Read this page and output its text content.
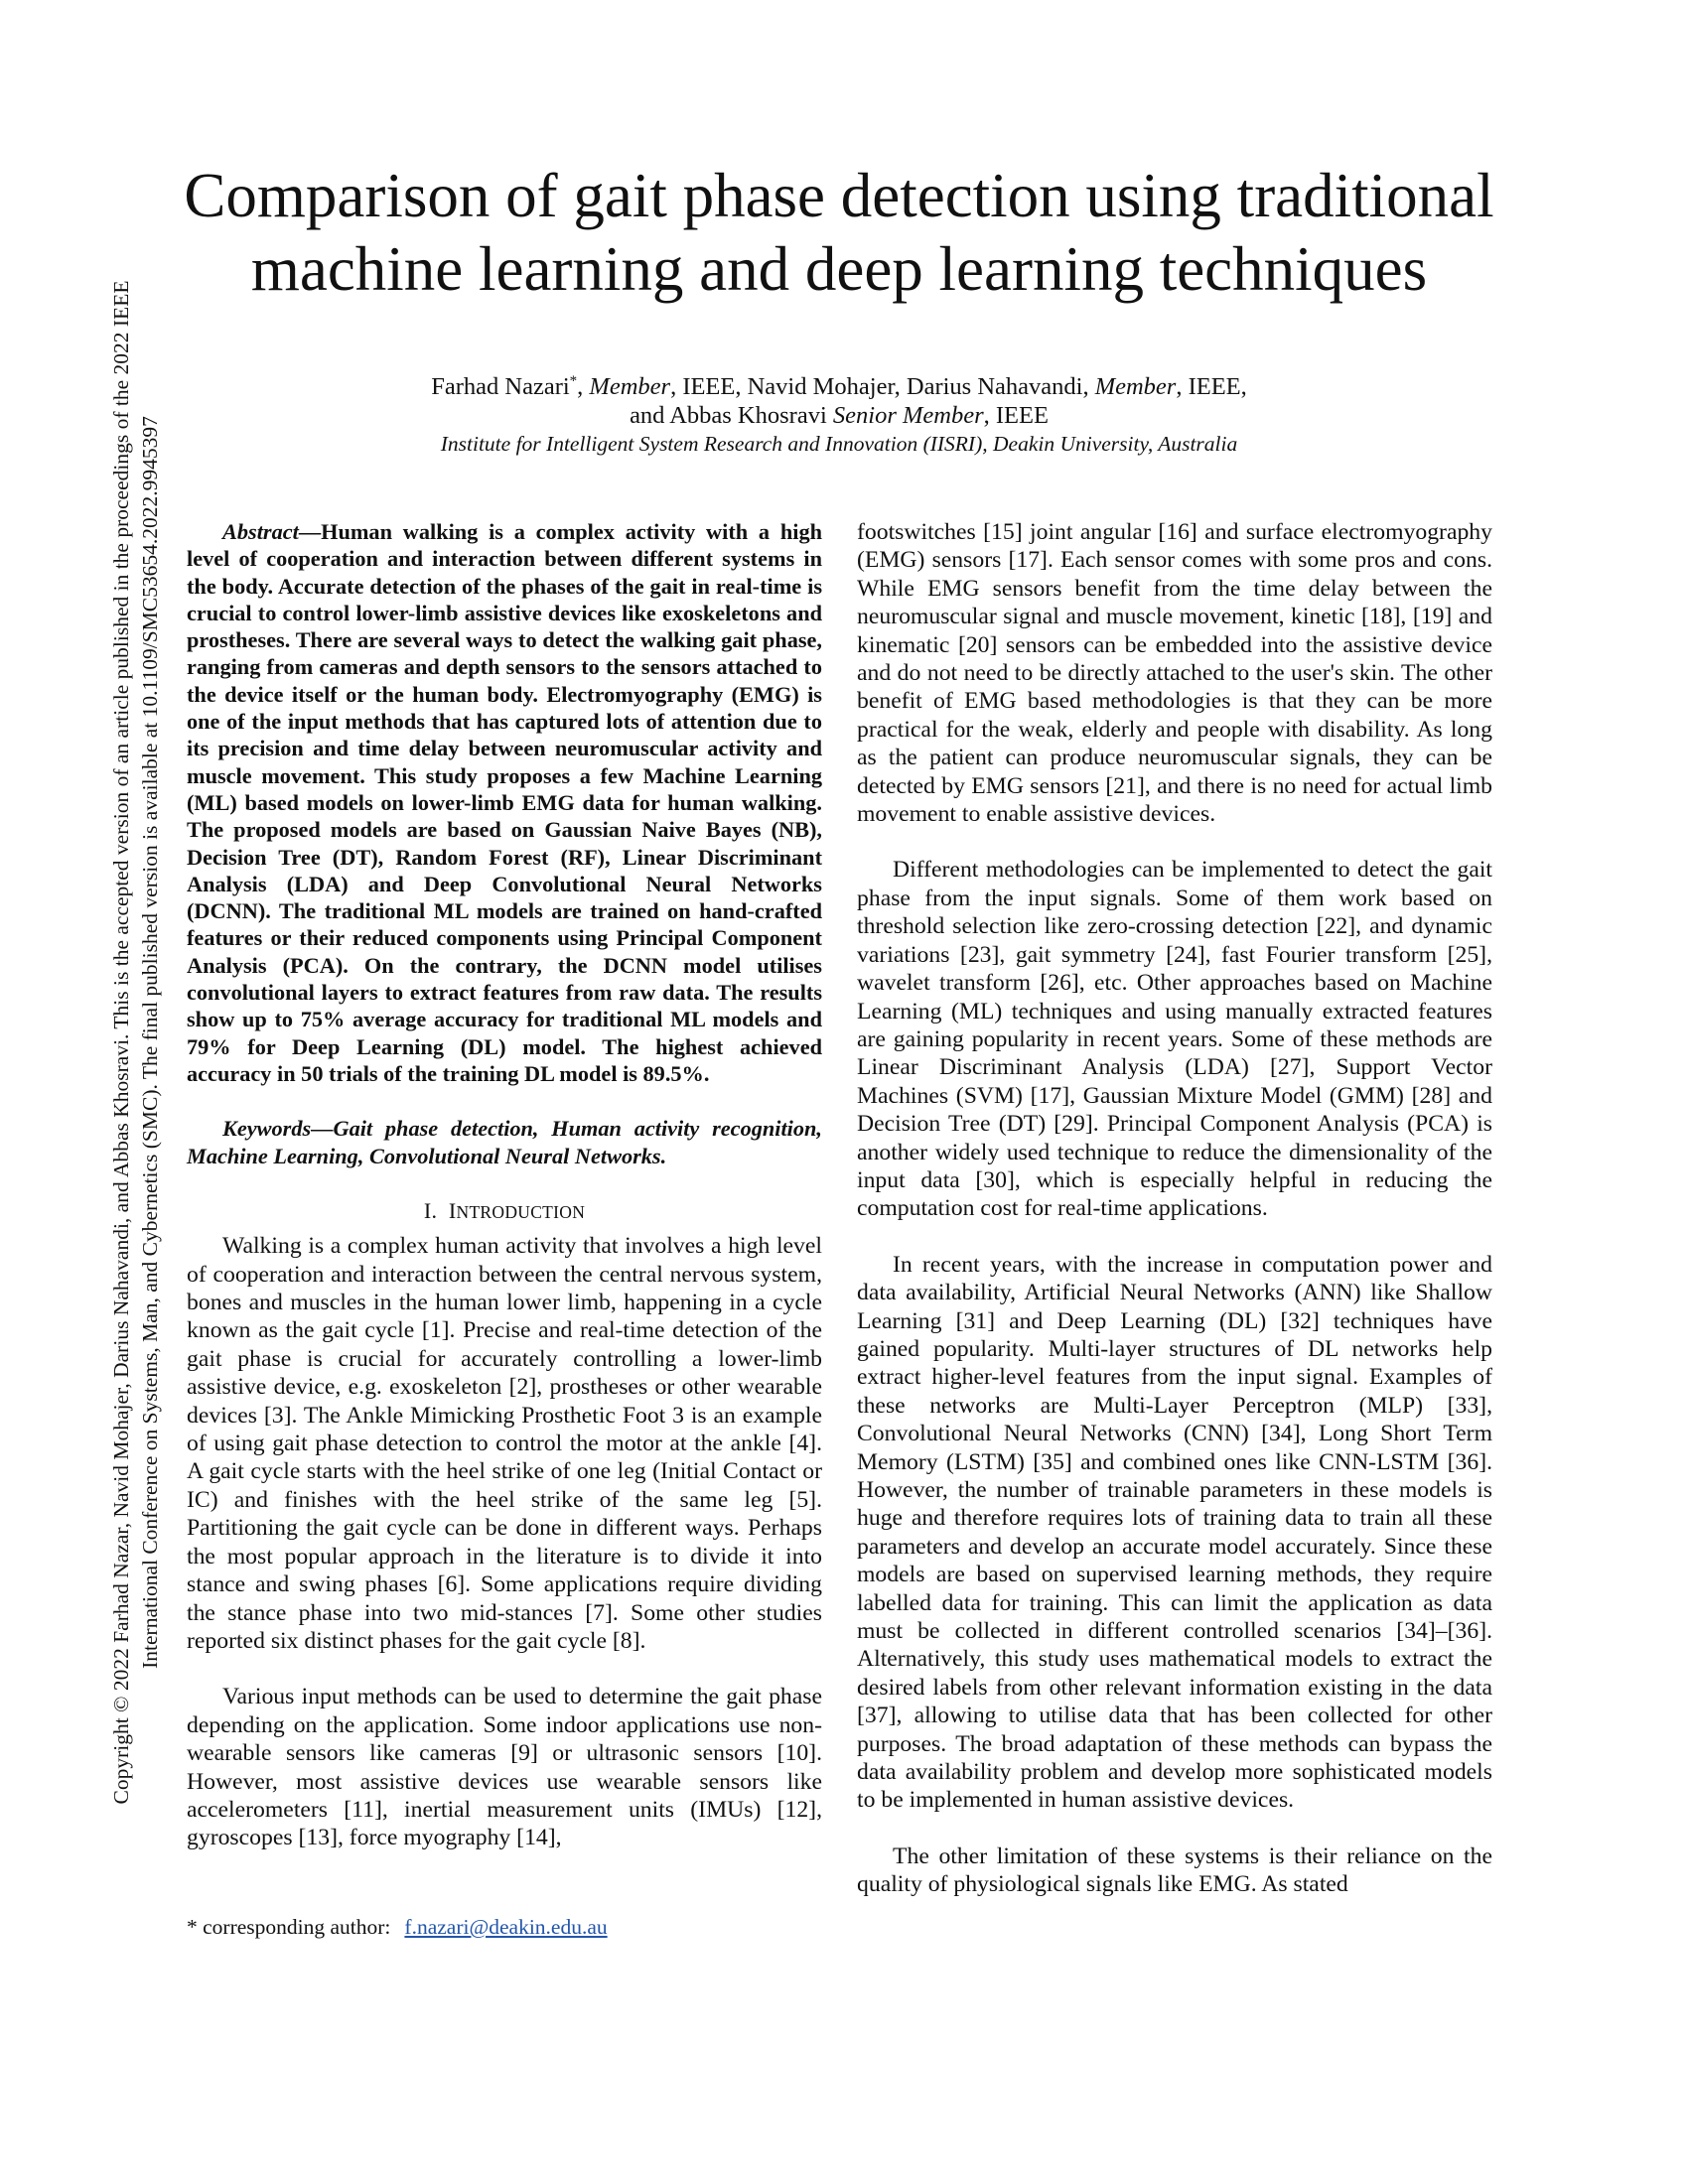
Copyright © 2022 Farhad Nazar, Navid Mohajer, Darius Nahavandi, and Abbas Khosravi. This is the accepted version of an article published in the proceedings of the 2022 IEEE International Conference on Systems, Man, and Cybernetics (SMC). The final published version is available at 10.1109/SMC53654.2022.9945397
Comparison of gait phase detection using traditional
machine learning and deep learning techniques
Farhad Nazari*, Member, IEEE, Navid Mohajer, Darius Nahavandi, Member, IEEE,
and Abbas Khosravi Senior Member, IEEE
Institute for Intelligent System Research and Innovation (IISRI), Deakin University, Australia

Abstract—Human walking is a complex activity with a high level of cooperation and interaction between different systems in the body. Accurate detection of the phases of the gait in real-time is crucial to control lower-limb assistive devices like exoskeletons and prostheses. There are several ways to detect the walking gait phase, ranging from cameras and depth sensors to the sensors attached to the device itself or the human body. Electromyography (EMG) is one of the input methods that has captured lots of attention due to its precision and time delay between neuromuscular activity and muscle movement. This study proposes a few Machine Learning (ML) based models on lower-limb EMG data for human walking. The proposed models are based on Gaussian Naive Bayes (NB), Decision Tree (DT), Random Forest (RF), Linear Discriminant Analysis (LDA) and Deep Convolutional Neural Networks (DCNN). The traditional ML models are trained on hand-crafted features or their reduced components using Principal Component Analysis (PCA). On the contrary, the DCNN model utilises convolutional layers to extract features from raw data. The results show up to 75% average accuracy for traditional ML models and 79% for Deep Learning (DL) model. The highest achieved accuracy in 50 trials of the training DL model is 89.5%.

Keywords—Gait phase detection, Human activity recognition, Machine Learning, Convolutional Neural Networks.

I. INTRODUCTION

Walking is a complex human activity that involves a high level of cooperation and interaction between the central nervous system, bones and muscles in the human lower limb, happening in a cycle known as the gait cycle [1]. Precise and real-time detection of the gait phase is crucial for accurately controlling a lower-limb assistive device, e.g. exoskeleton [2], prostheses or other wearable devices [3]. The Ankle Mimicking Prosthetic Foot 3 is an example of using gait phase detection to control the motor at the ankle [4]. A gait cycle starts with the heel strike of one leg (Initial Contact or IC) and finishes with the heel strike of the same leg [5]. Partitioning the gait cycle can be done in different ways. Perhaps the most popular approach in the literature is to divide it into stance and swing phases [6]. Some applications require dividing the stance phase into two mid-stances [7]. Some other studies reported six distinct phases for the gait cycle [8].

Various input methods can be used to determine the gait phase depending on the application. Some indoor applications use non-wearable sensors like cameras [9] or ultrasonic sensors [10]. However, most assistive devices use wearable sensors like accelerometers [11], inertial measurement units (IMUs) [12], gyroscopes [13], force myography [14],

footswitches [15] joint angular [16] and surface electromyography (EMG) sensors [17]. Each sensor comes with some pros and cons. While EMG sensors benefit from the time delay between the neuromuscular signal and muscle movement, kinetic [18], [19] and kinematic [20] sensors can be embedded into the assistive device and do not need to be directly attached to the user's skin. The other benefit of EMG based methodologies is that they can be more practical for the weak, elderly and people with disability. As long as the patient can produce neuromuscular signals, they can be detected by EMG sensors [21], and there is no need for actual limb movement to enable assistive devices.

Different methodologies can be implemented to detect the gait phase from the input signals. Some of them work based on threshold selection like zero-crossing detection [22], and dynamic variations [23], gait symmetry [24], fast Fourier transform [25], wavelet transform [26], etc. Other approaches based on Machine Learning (ML) techniques and using manually extracted features are gaining popularity in recent years. Some of these methods are Linear Discriminant Analysis (LDA) [27], Support Vector Machines (SVM) [17], Gaussian Mixture Model (GMM) [28] and Decision Tree (DT) [29]. Principal Component Analysis (PCA) is another widely used technique to reduce the dimensionality of the input data [30], which is especially helpful in reducing the computation cost for real-time applications.

In recent years, with the increase in computation power and data availability, Artificial Neural Networks (ANN) like Shallow Learning [31] and Deep Learning (DL) [32] techniques have gained popularity. Multi-layer structures of DL networks help extract higher-level features from the input signal. Examples of these networks are Multi-Layer Perceptron (MLP) [33], Convolutional Neural Networks (CNN) [34], Long Short Term Memory (LSTM) [35] and combined ones like CNN-LSTM [36]. However, the number of trainable parameters in these models is huge and therefore requires lots of training data to train all these parameters and develop an accurate model accurately. Since these models are based on supervised learning methods, they require labelled data for training. This can limit the application as data must be collected in different controlled scenarios [34]–[36]. Alternatively, this study uses mathematical models to extract the desired labels from other relevant information existing in the data [37], allowing to utilise data that has been collected for other purposes. The broad adaptation of these methods can bypass the data availability problem and develop more sophisticated models to be implemented in human assistive devices.

The other limitation of these systems is their reliance on the quality of physiological signals like EMG. As stated

* corresponding author: f.nazari@deakin.edu.au
